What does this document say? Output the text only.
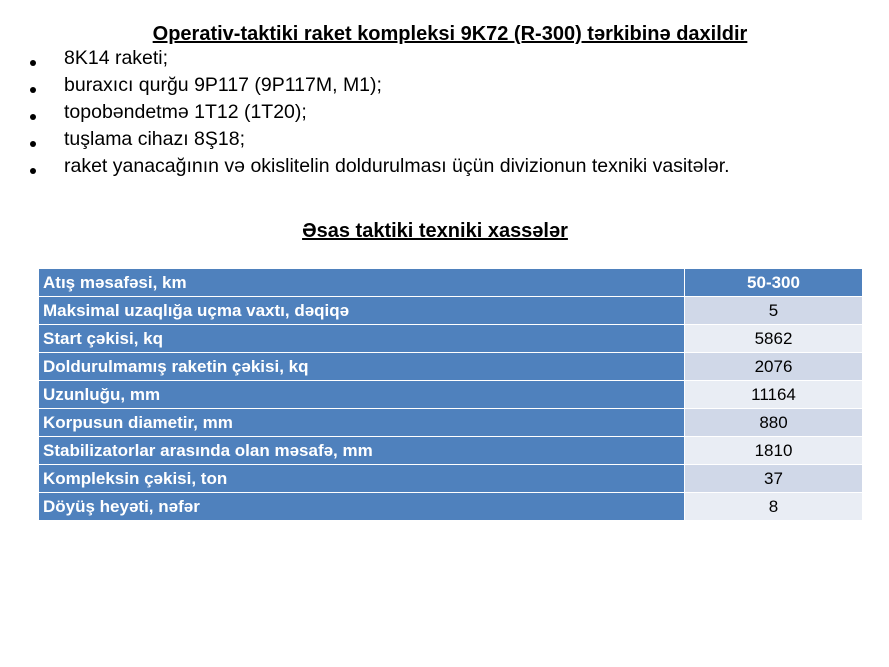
Operativ-taktiki raket kompleksi 9K72 (R-300) tərkibinə daxildir
8K14 raketi;
buraxıcı qurğu 9P117 (9P117M, M1);
topobəndetmə 1T12 (1T20);
tuşlama cihazı 8Ş18;
raket yanacağının və okislitelin doldurulması üçün divizionun texniki vasitələr.
Əsas taktiki texniki xassələr
Atış məsafəsi, km	50-300
Maksimal uzaqlığa uçma vaxtı, dəqiqə	5
Start çəkisi, kq	5862
Doldurulmamış raketin çəkisi, kq	2076
Uzunluğu, mm	11164
Korpusun diametir, mm	880
Stabilizatorlar arasında olan məsafə, mm	1810
Kompleksin çəkisi, ton	37
Döyüş heyəti, nəfər	8
